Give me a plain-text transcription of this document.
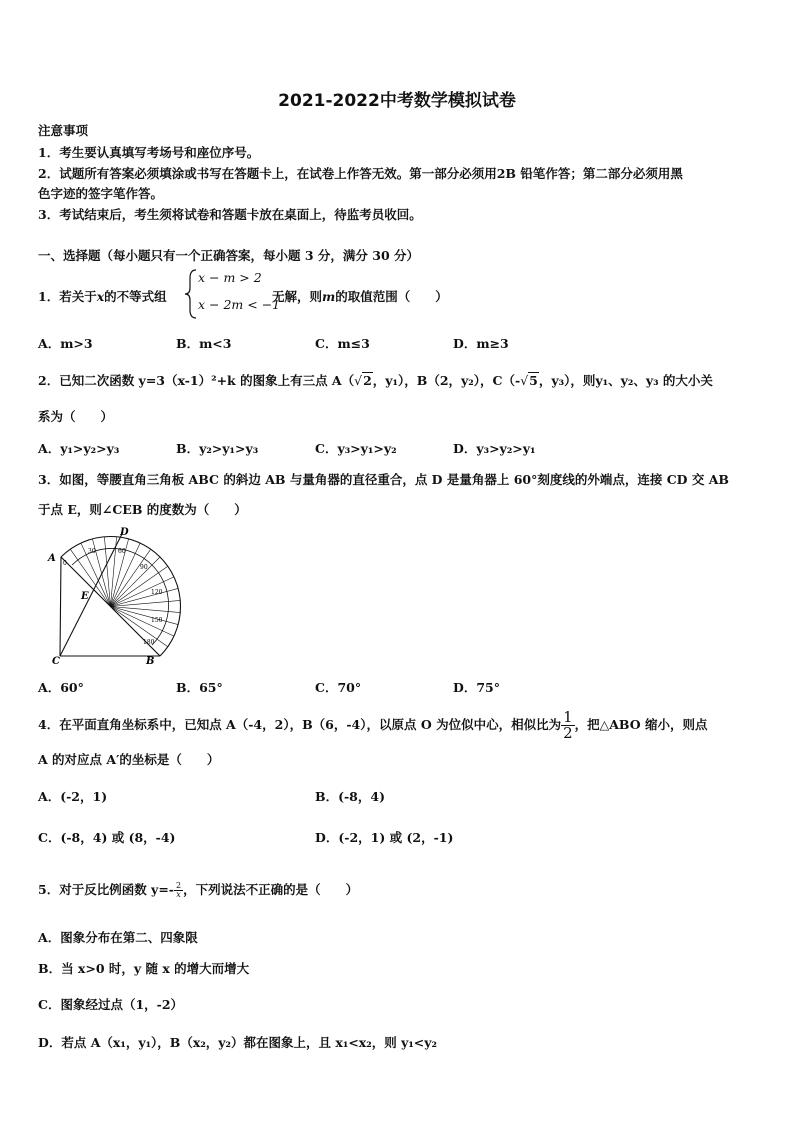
2021-2022中考数学模拟试卷
注意事项
1．考生要认真填写考场号和座位序号。
2．试题所有答案必须填涂或书写在答题卡上，在试卷上作答无效。第一部分必须用2B 铅笔作答；第二部分必须用黑
色字迹的签字笔作答。
3．考试结束后，考生须将试卷和答题卡放在桌面上，待监考员收回。
一、选择题（每小题只有一个正确答案，每小题 3 分，满分 30 分）
1．若关于x的不等式组
x − m > 2
x − 2m < −1
无解，则m的取值范围（　　）
A．m>3	B．m<3	C．m≤3	D．m≥3
2．已知二次函数 y=3（x-1）²+k 的图象上有三点 A（√2，y₁），B（2，y₂），C（-√5，y₃），则y₁、y₂、y₃ 的大小关
系为（　　）
A．y₁>y₂>y₃	B．y₂>y₁>y₃	C．y₃>y₁>y₂	D．y₃>y₂>y₁
3．如图，等腰直角三角板 ABC 的斜边 AB 与量角器的直径重合，点 D 是量角器上 60°刻度线的外端点，连接 CD 交 AB
于点 E，则∠CEB 的度数为（　　）
A
B
C
D
E
0
30	60
90
120
150
180
A．60°	B．65°	C．70°	D．75°
4．在平面直角坐标系中，已知点 A（-4，2），B（6，-4），以原点 O 为位似中心，相似比为 $\frac{1}{2}$ ，把△ABO 缩小，则点
A 的对应点 A′的坐标是（　　）
A．(-2，1)	B．(-8，4)
C．(-8，4) 或 (8，-4)	D．(-2，1) 或 (2，-1)
5．对于反比例函数 $y=- \frac{2}{x}$ ，下列说法不正确的是（　　）
A．图象分布在第二、四象限
B．当 x>0 时，y 随 x 的增大而增大
C．图象经过点（1，-2）
D．若点 A（x₁，y₁），B（x₂，y₂）都在图象上，且 x₁<x₂，则 y₁<y₂
